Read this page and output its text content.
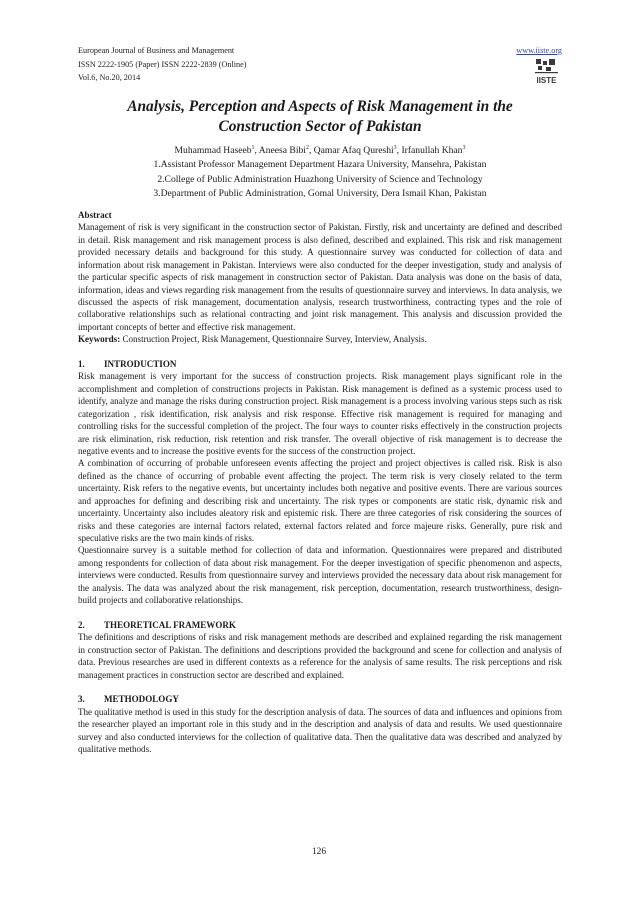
European Journal of Business and Management
ISSN 2222-1905 (Paper) ISSN 2222-2839 (Online)
Vol.6, No.20, 2014
www.iiste.org
IISTE
Analysis, Perception and Aspects of Risk Management in the
Construction Sector of Pakistan
Muhammad Haseeb$^1$, Aneesa Bibi$^2$, Qamar Afaq Qureshi$^3$, Irfanullah Khan$^3$
1.Assistant Professor Management Department Hazara University, Mansehra, Pakistan
2.College of Public Administration Huazhong University of Science and Technology
3.Department of Public Administration, Gomal University, Dera Ismail Khan, Pakistan

Abstract

Management of risk is very significant in the construction sector of Pakistan. Firstly, risk and uncertainty are defined and described in detail. Risk management and risk management process is also defined, described and explained. This risk and risk management provided necessary details and background for this study. A questionnaire survey was conducted for collection of data and information about risk management in Pakistan. Interviews were also conducted for the deeper investigation, study and analysis of the particular specific aspects of risk management in construction sector of Pakistan. Data analysis was done on the basis of data, information, ideas and views regarding risk management from the results of questionnaire survey and interviews. In data analysis, we discussed the aspects of risk management, documentation analysis, research trustworthiness, contracting types and the role of collaborative relationships such as relational contracting and joint risk management. This analysis and discussion provided the important concepts of better and effective risk management.

Keywords: Construction Project, Risk Management, Questionnaire Survey, Interview, Analysis.

1. INTRODUCTION

Risk management is very important for the success of construction projects. Risk management plays significant role in the accomplishment and completion of constructions projects in Pakistan. Risk management is defined as a systemic process used to identify, analyze and manage the risks during construction project. Risk management is a process involving various steps such as risk categorization , risk identification, risk analysis and risk response. Effective risk management is required for managing and controlling risks for the successful completion of the project. The four ways to counter risks effectively in the construction projects are risk elimination, risk reduction, risk retention and risk transfer. The overall objective of risk management is to decrease the negative events and to increase the positive events for the success of the construction project.

A combination of occurring of probable unforeseen events affecting the project and project objectives is called risk. Risk is also defined as the chance of occurring of probable event affecting the project. The term risk is very closely related to the term uncertainty. Risk refers to the negative events, but uncertainty includes both negative and positive events. There are various sources and approaches for defining and describing risk and uncertainty. The risk types or components are static risk, dynamic risk and uncertainty. Uncertainty also includes aleatory risk and epistemic risk. There are three categories of risk considering the sources of risks and these categories are internal factors related, external factors related and force majeure risks. Generally, pure risk and speculative risks are the two main kinds of risks.

Questionnaire survey is a suitable method for collection of data and information. Questionnaires were prepared and distributed among respondents for collection of data about risk management. For the deeper investigation of specific phenomenon and aspects, interviews were conducted. Results from questionnaire survey and interviews provided the necessary data about risk management for the analysis. The data was analyzed about the risk management, risk perception, documentation, research trustworthiness, design-build projects and collaborative relationships.

2. THEORETICAL FRAMEWORK

The definitions and descriptions of risks and risk management methods are described and explained regarding the risk management in construction sector of Pakistan. The definitions and descriptions provided the background and scene for collection and analysis of data. Previous researches are used in different contexts as a reference for the analysis of same results. The risk perceptions and risk management practices in construction sector are described and explained.

3. METHODOLOGY

The qualitative method is used in this study for the description analysis of data. The sources of data and influences and opinions from the researcher played an important role in this study and in the description and analysis of data and results. We used questionnaire survey and also conducted interviews for the collection of qualitative data. Then the qualitative data was described and analyzed by qualitative methods.

126
